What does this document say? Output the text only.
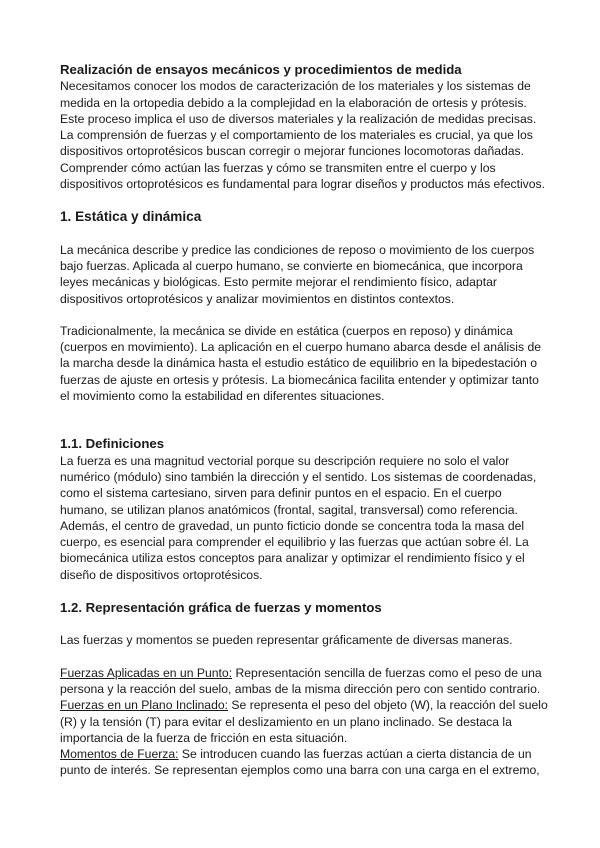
Realización de ensayos mecánicos y procedimientos de medida

Necesitamos conocer los modos de caracterización de los materiales y los sistemas de medida en la ortopedia debido a la complejidad en la elaboración de ortesis y prótesis. Este proceso implica el uso de diversos materiales y la realización de medidas precisas. La comprensión de fuerzas y el comportamiento de los materiales es crucial, ya que los dispositivos ortoprotésicos buscan corregir o mejorar funciones locomotoras dañadas. Comprender cómo actúan las fuerzas y cómo se transmiten entre el cuerpo y los dispositivos ortoprotésicos es fundamental para lograr diseños y productos más efectivos.

1. Estática y dinámica

La mecánica describe y predice las condiciones de reposo o movimiento de los cuerpos bajo fuerzas. Aplicada al cuerpo humano, se convierte en biomecánica, que incorpora leyes mecánicas y biológicas. Esto permite mejorar el rendimiento físico, adaptar dispositivos ortoprotésicos y analizar movimientos en distintos contextos.

Tradicionalmente, la mecánica se divide en estática (cuerpos en reposo) y dinámica (cuerpos en movimiento). La aplicación en el cuerpo humano abarca desde el análisis de la marcha desde la dinámica hasta el estudio estático de equilibrio en la bipedestación o fuerzas de ajuste en ortesis y prótesis. La biomecánica facilita entender y optimizar tanto el movimiento como la estabilidad en diferentes situaciones.

1.1. Definiciones

La fuerza es una magnitud vectorial porque su descripción requiere no solo el valor numérico (módulo) sino también la dirección y el sentido. Los sistemas de coordenadas, como el sistema cartesiano, sirven para definir puntos en el espacio. En el cuerpo humano, se utilizan planos anatómicos (frontal, sagital, transversal) como referencia. Además, el centro de gravedad, un punto ficticio donde se concentra toda la masa del cuerpo, es esencial para comprender el equilibrio y las fuerzas que actúan sobre él. La biomecánica utiliza estos conceptos para analizar y optimizar el rendimiento físico y el diseño de dispositivos ortoprotésicos.

1.2. Representación gráfica de fuerzas y momentos

Las fuerzas y momentos se pueden representar gráficamente de diversas maneras.

Fuerzas Aplicadas en un Punto: Representación sencilla de fuerzas como el peso de una persona y la reacción del suelo, ambas de la misma dirección pero con sentido contrario.

Fuerzas en un Plano Inclinado: Se representa el peso del objeto (W), la reacción del suelo (R) y la tensión (T) para evitar el deslizamiento en un plano inclinado. Se destaca la importancia de la fuerza de fricción en esta situación.

Momentos de Fuerza: Se introducen cuando las fuerzas actúan a cierta distancia de un punto de interés. Se representan ejemplos como una barra con una carga en el extremo,
